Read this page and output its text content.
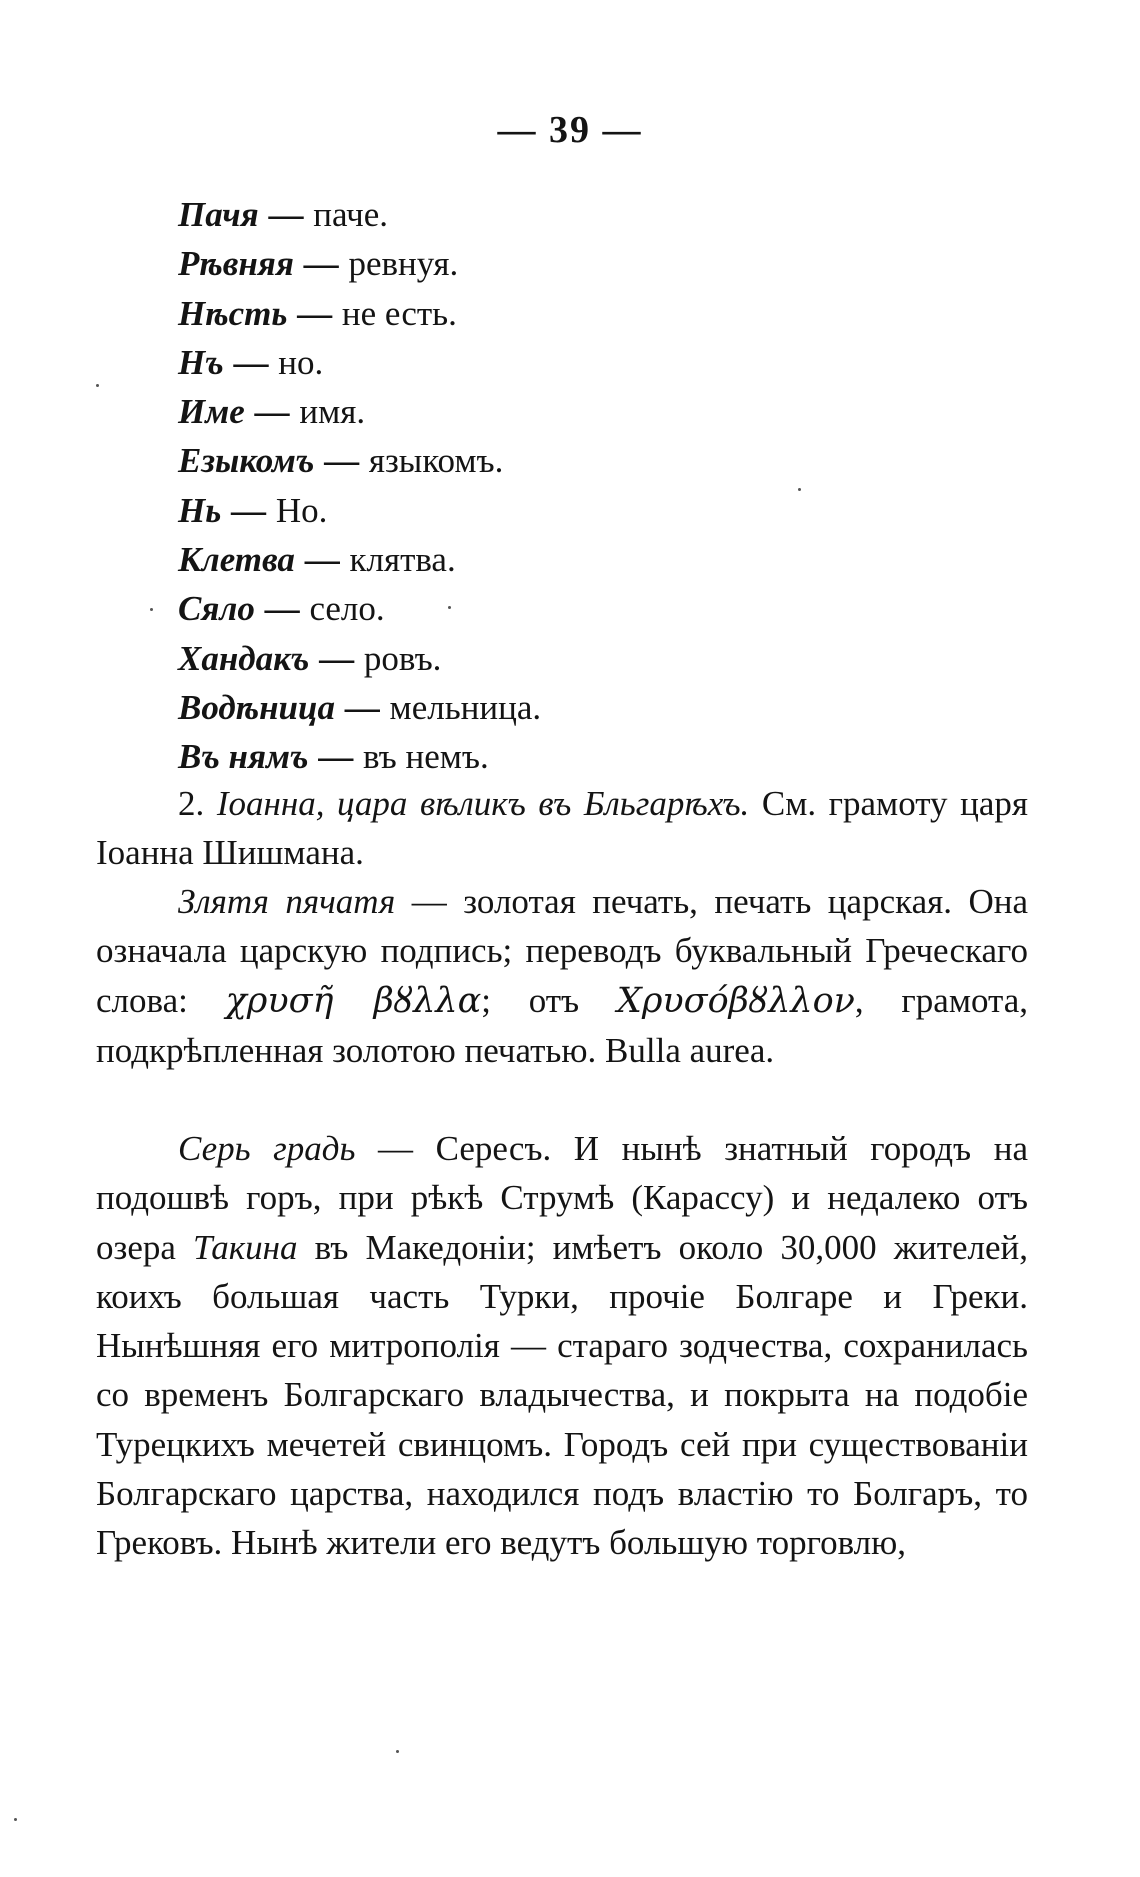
— 39 —
Пачя — паче.
Рѣвняя — ревнуя.
Нѣсть — не есть.
Нъ — но.
Име — имя.
Езыкомъ — языкомъ.
Нь — Но.
Клетва — клятва.
Сяло — село.
Хандакъ — ровъ.
Водѣница — мельница.
Въ нямъ — въ немъ.

2. Іоанна, цара вѣликъ въ Бльгарѣхъ. См. грамоту царя Іоанна Шишмана.

Злятя пячатя — золотая печать, печать царская. Она означала царскую подпись; переводъ буквальный Греческаго слова: χρυσῆ βȣλλα; отъ Χρυσόβȣλλον, грамота, подкрѣпленная золотою печатью. Bulla aurea.

Серь градь — Сересъ. И нынѣ знатный городъ на подошвѣ горъ, при рѣкѣ Струмѣ (Карассу) и недалеко отъ озера Такина въ Македоніи; имѣетъ около 30,000 жителей, коихъ большая часть Турки, прочіе Болгаре и Греки. Нынѣшняя его митрополія — стараго зодчества, сохранилась со временъ Болгарскаго владычества, и покрыта на подобіе Турецкихъ мечетей свинцомъ. Городъ сей при существованіи Болгарскаго царства, находился подъ властію то Болгаръ, то Грековъ. Нынѣ жители его ведутъ большую торговлю,
